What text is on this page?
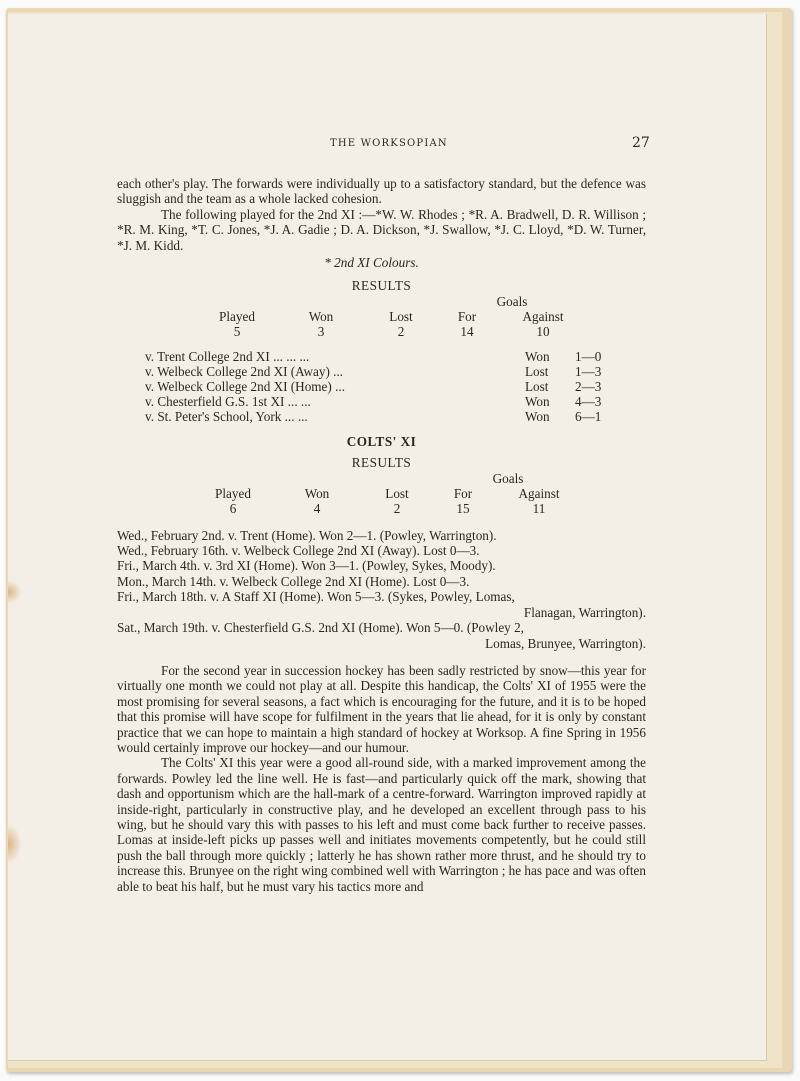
THE WORKSOPIAN	27

each other's play. The forwards were individually up to a satisfactory standard, but the defence was sluggish and the team as a whole lacked cohesion.

The following played for the 2nd XI :—*W. W. Rhodes ; *R. A. Bradwell, D. R. Willison ; *R. M. King, *T. C. Jones, *J. A. Gadie ; D. A. Dickson, *J. Swallow, *J. C. Lloyd, *D. W. Turner, *J. M. Kidd.

* 2nd XI Colours.
RESULTS
			Goals	
Played	Won	Lost	For	Against
5	3	2	14	10
v. Trent College 2nd XI ... ... ...	Won	1—0
v. Welbeck College 2nd XI (Away) ...	Lost	1—3
v. Welbeck College 2nd XI (Home) ...	Lost	2—3
v. Chesterfield G.S. 1st XI ... ...	Won	4—3
v. St. Peter's School, York ... ...	Won	6—1
COLTS' XI
RESULTS
			Goals	
Played	Won	Lost	For	Against
6	4	2	15	11
Wed., February 2nd. v. Trent (Home). Won 2—1. (Powley, Warrington).
Wed., February 16th. v. Welbeck College 2nd XI (Away). Lost 0—3.
Fri., March 4th. v. 3rd XI (Home). Won 3—1. (Powley, Sykes, Moody).
Mon., March 14th. v. Welbeck College 2nd XI (Home). Lost 0—3.
Fri., March 18th. v. A Staff XI (Home). Won 5—3. (Sykes, Powley, Lomas,
Flanagan, Warrington).
Sat., March 19th. v. Chesterfield G.S. 2nd XI (Home). Won 5—0. (Powley 2,
Lomas, Brunyee, Warrington).

For the second year in succession hockey has been sadly restricted by snow—this year for virtually one month we could not play at all. Despite this handicap, the Colts' XI of 1955 were the most promising for several seasons, a fact which is encouraging for the future, and it is to be hoped that this promise will have scope for fulfilment in the years that lie ahead, for it is only by constant practice that we can hope to maintain a high standard of hockey at Worksop. A fine Spring in 1956 would certainly improve our hockey—and our humour.

The Colts' XI this year were a good all-round side, with a marked improvement among the forwards. Powley led the line well. He is fast—and particularly quick off the mark, showing that dash and opportunism which are the hall-mark of a centre-forward. Warrington improved rapidly at inside-right, particularly in constructive play, and he developed an excellent through pass to his wing, but he should vary this with passes to his left and must come back further to receive passes. Lomas at inside-left picks up passes well and initiates movements competently, but he could still push the ball through more quickly ; latterly he has shown rather more thrust, and he should try to increase this. Brunyee on the right wing combined well with Warrington ; he has pace and was often able to beat his half, but he must vary his tactics more and
